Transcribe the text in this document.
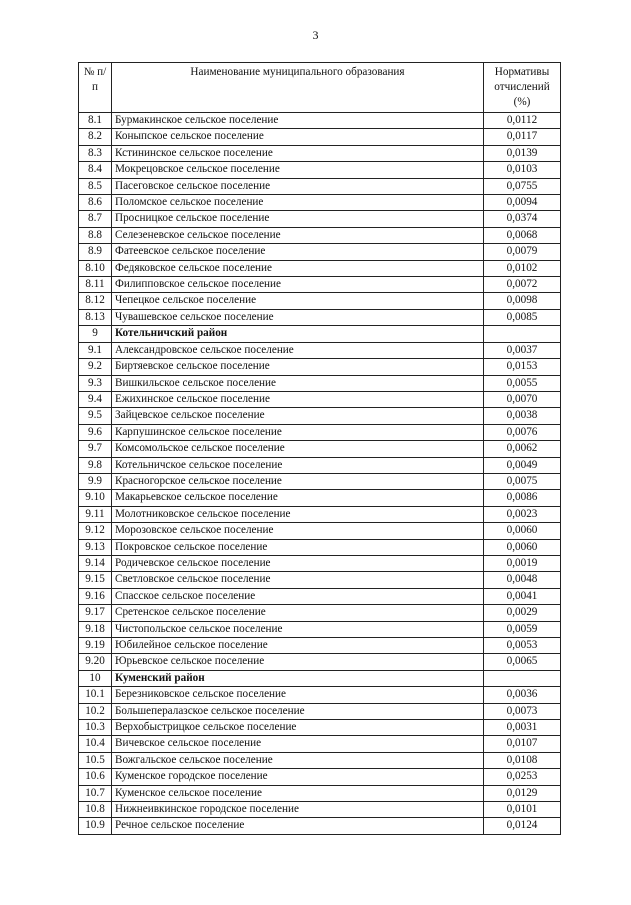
3
№ п/п	Наименование муниципального образования	Нормативы отчислений (%)
8.1	Бурмакинское сельское поселение	0,0112
8.2	Коныпское сельское поселение	0,0117
8.3	Кстининское сельское поселение	0,0139
8.4	Мокрецовское сельское поселение	0,0103
8.5	Пасеговское сельское поселение	0,0755
8.6	Поломское сельское поселение	0,0094
8.7	Просницкое сельское поселение	0,0374
8.8	Селезеневское сельское поселение	0,0068
8.9	Фатеевское сельское поселение	0,0079
8.10	Федяковское сельское поселение	0,0102
8.11	Филипповское сельское поселение	0,0072
8.12	Чепецкое сельское поселение	0,0098
8.13	Чувашевское сельское поселение	0,0085
9	Котельничский район	
9.1	Александровское сельское поселение	0,0037
9.2	Биртяевское сельское поселение	0,0153
9.3	Вишкильское сельское поселение	0,0055
9.4	Ежихинское сельское поселение	0,0070
9.5	Зайцевское сельское поселение	0,0038
9.6	Карпушинское сельское поселение	0,0076
9.7	Комсомольское сельское поселение	0,0062
9.8	Котельничское сельское поселение	0,0049
9.9	Красногорское сельское поселение	0,0075
9.10	Макарьевское сельское поселение	0,0086
9.11	Молотниковское сельское поселение	0,0023
9.12	Морозовское сельское поселение	0,0060
9.13	Покровское сельское поселение	0,0060
9.14	Родичевское сельское поселение	0,0019
9.15	Светловское сельское поселение	0,0048
9.16	Спасское сельское поселение	0,0041
9.17	Сретенское сельское поселение	0,0029
9.18	Чистопольское сельское поселение	0,0059
9.19	Юбилейное сельское поселение	0,0053
9.20	Юрьевское сельское поселение	0,0065
10	Куменский район	
10.1	Березниковское сельское поселение	0,0036
10.2	Большепералазское сельское поселение	0,0073
10.3	Верхобыстрицкое сельское поселение	0,0031
10.4	Вичевское сельское поселение	0,0107
10.5	Вожгальское сельское поселение	0,0108
10.6	Куменское городское поселение	0,0253
10.7	Куменское сельское поселение	0,0129
10.8	Нижнеивкинское городское поселение	0,0101
10.9	Речное сельское поселение	0,0124
